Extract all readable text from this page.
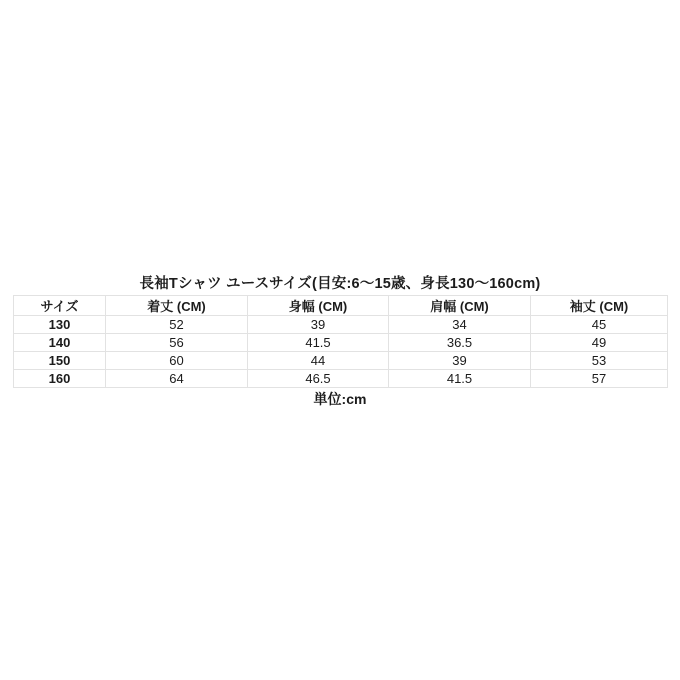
長袖Tシャツ ユースサイズ(目安:6〜15歳、身長130〜160cm)
サイズ	着丈 (CM)	身幅 (CM)	肩幅 (CM)	袖丈 (CM)
130	52	39	34	45
140	56	41.5	36.5	49
150	60	44	39	53
160	64	46.5	41.5	57
単位:cm
